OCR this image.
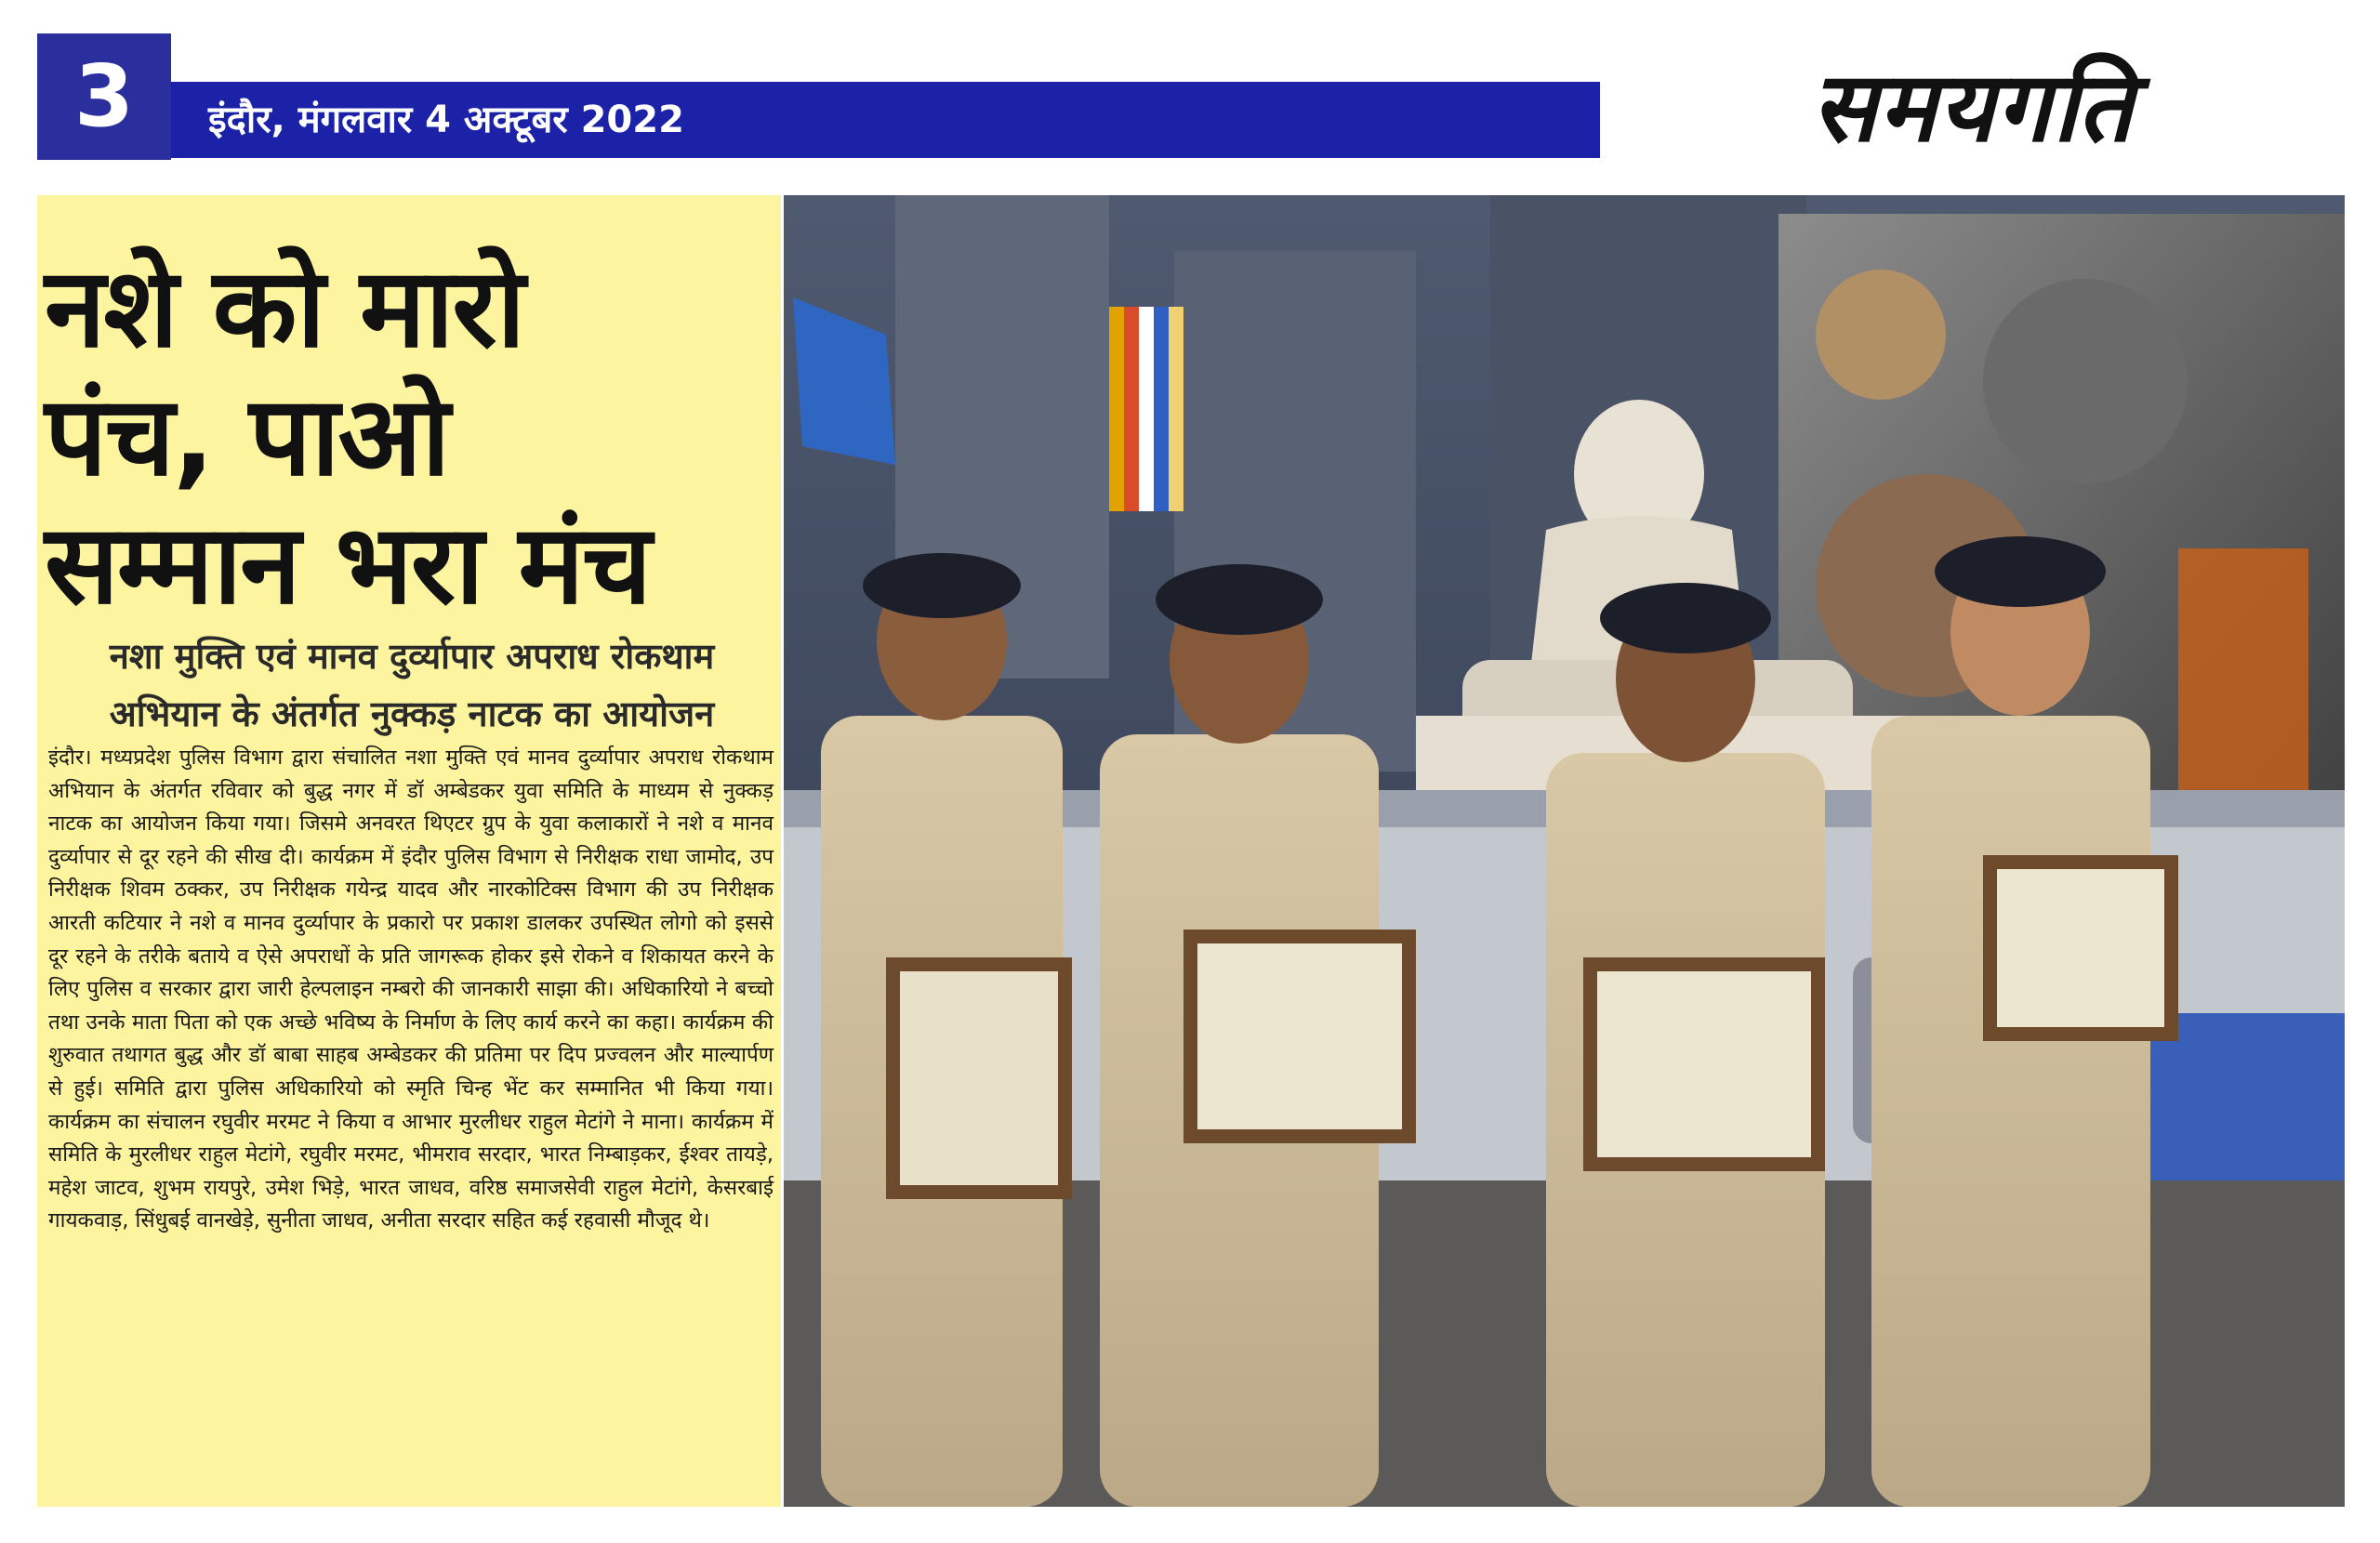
3	इंदौर, मंगलवार 4 अक्टूबर 2022	समयगति
नशे को मारो
पंच, पाओ
सम्मान भरा मंच
नशा मुक्ति एवं मानव दुर्व्यापार अपराध रोकथाम
अभियान के अंतर्गत नुक्कड़ नाटक का आयोजन
इंदौर। मध्यप्रदेश पुलिस विभाग द्वारा संचालित नशा मुक्ति एवं मानव दुर्व्यापार अपराध रोकथाम अभियान के अंतर्गत रविवार को बुद्ध नगर में डॉ अम्बेडकर युवा समिति के माध्यम से नुक्कड़ नाटक का आयोजन किया गया। जिसमे अनवरत थिएटर ग्रुप के युवा कलाकारों ने नशे व मानव दुर्व्यापार से दूर रहने की सीख दी। कार्यक्रम में इंदौर पुलिस विभाग से निरीक्षक राधा जामोद, उप निरीक्षक शिवम ठक्कर, उप निरीक्षक गयेन्द्र यादव और नारकोटिक्स विभाग की उप निरीक्षक आरती कटियार ने नशे व मानव दुर्व्यापार के प्रकारो पर प्रकाश डालकर उपस्थित लोगो को इससे दूर रहने के तरीके बताये व ऐसे अपराधों के प्रति जागरूक होकर इसे रोकने व शिकायत करने के लिए पुलिस व सरकार द्वारा जारी हेल्पलाइन नम्बरो की जानकारी साझा की। अधिकारियो ने बच्चो तथा उनके माता पिता को एक अच्छे भविष्य के निर्माण के लिए कार्य करने का कहा। कार्यक्रम की शुरुवात तथागत बुद्ध और डॉ बाबा साहब अम्बेडकर की प्रतिमा पर दिप प्रज्वलन और माल्यार्पण से हुई। समिति द्वारा पुलिस अधिकारियो को स्मृति चिन्ह भेंट कर सम्मानित भी किया गया। कार्यक्रम का संचालन रघुवीर मरमट ने किया व आभार मुरलीधर राहुल मेटांगे ने माना। कार्यक्रम में समिति के मुरलीधर राहुल मेटांगे, रघुवीर मरमट, भीमराव सरदार, भारत निम्बाड़कर, ईश्वर तायड़े, महेश जाटव, शुभम रायपुरे, उमेश भिड़े, भारत जाधव, वरिष्ठ समाजसेवी राहुल मेटांगे, केसरबाई गायकवाड़, सिंधुबई वानखेड़े, सुनीता जाधव, अनीता सरदार सहित कई रहवासी मौजूद थे।
